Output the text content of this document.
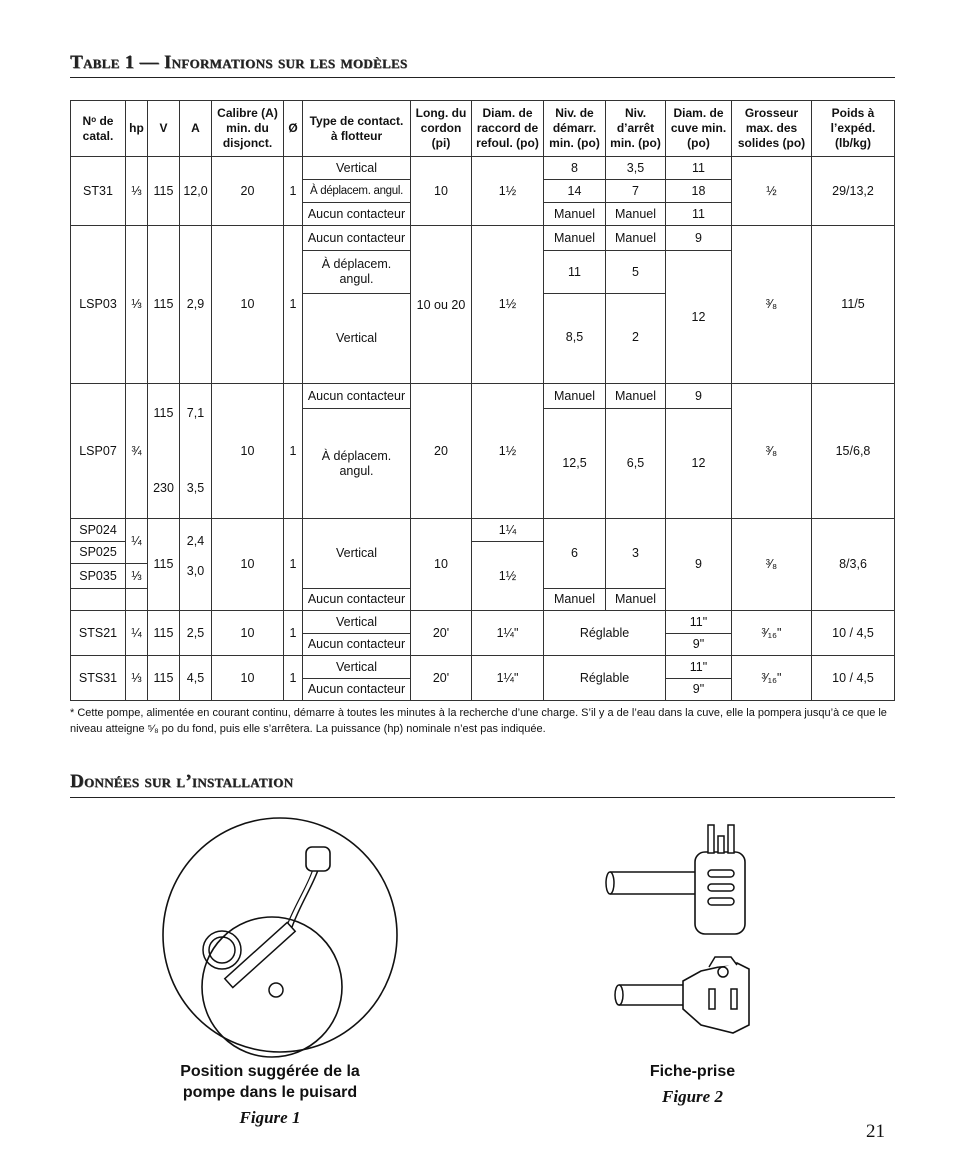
Table 1 — Informations sur les modèles
Nᵒ de catal.	hp	V	A	Calibre (A) min. du disjonct.	Ø	Type de contact. à flotteur	Long. du cordon (pi)	Diam. de raccord de refoul. (po)	Niv. de démarr. min. (po)	Niv. d’arrêt min. (po)	Diam. de cuve min. (po)	Grosseur max. des solides (po)	Poids à l’expéd. (lb/kg)
ST31	⅓	115	12,0	20	1	Vertical	10	1½	8	3,5	11	½	29/13,2
						À déplacem. angul.			14	7	18		
						Aucun contacteur			Manuel	Manuel	11		
LSP03	⅓	115	2,9	10	1	Aucun contacteur	10 ou 20	1½	Manuel	Manuel	9	³⁄₈	11/5
						À déplacem. angul.			11	5	12		

						Vertical			8,5	2			
LSP07	¾	115	7,1	10	1	Aucun contacteur	20	1½	Manuel	Manuel	9	³⁄₈	15/6,8
						À déplacem. angul.			12,5	6,5	12		
		230	3,5										

SP024	¼	115	2,4	10	1	Vertical	10	1¼	6	3	9	³⁄₈	8/3,6
SP025								1½					
SP035	⅓		3,0										
						Aucun contacteur			Manuel	Manuel			
STS21	¼	115	2,5	10	1	Vertical	20'	1¼"	Réglable		11"	³⁄₁₆"	10 / 4,5
						Aucun contacteur					9"		
STS31	⅓	115	4,5	10	1	Vertical	20'	1¼"	Réglable		11"	³⁄₁₆"	10 / 4,5
						Aucun contacteur					9"		
* Cette pompe, alimentée en courant continu, démarre à toutes les minutes à la recherche d’une charge. S’il y a de l’eau dans la cuve, elle la pompera jusqu’à ce que le niveau atteigne ⁵⁄₈ po du fond, puis elle s’arrêtera. La puissance (hp) nominale n’est pas indiquée.
Données sur l’installation
Position suggérée de la
pompe dans le puisard
Figure 1
Fiche-prise
Figure 2
21
